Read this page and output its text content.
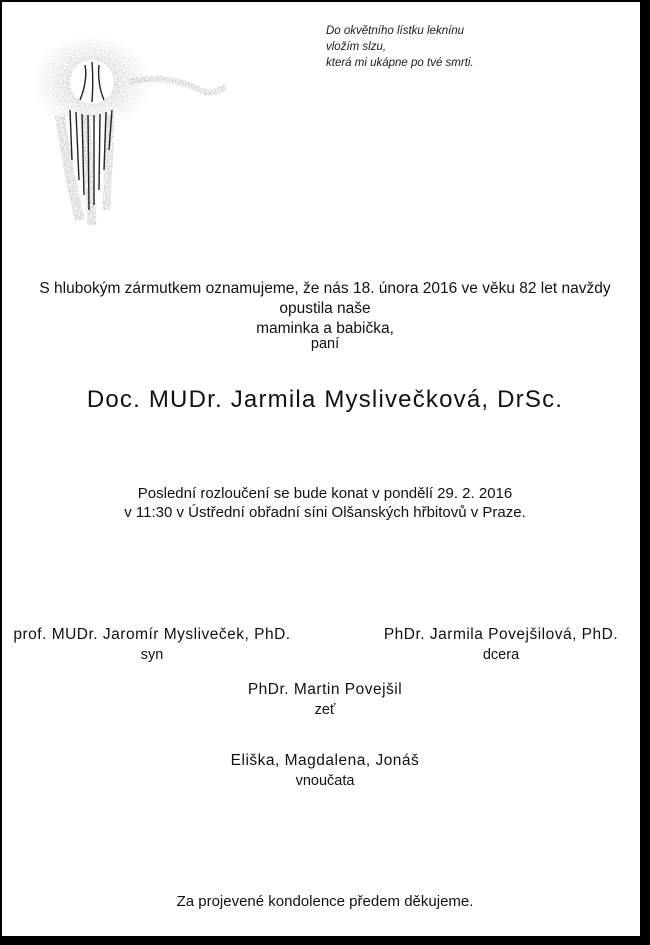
Do okvětního lístku leknínu
vložím slzu,
která mi ukápne po tvé smrti.
S hlubokým zármutkem oznamujeme, že nás 18. února 2016 ve věku 82 let navždy opustila naše
maminka a babička,
paní
Doc. MUDr. Jarmila Myslivečková, DrSc.
Poslední rozloučení se bude konat v pondělí 29. 2. 2016
v 11:30 v Ústřední obřadní síni Olšanských hřbitovů v Praze.
prof. MUDr. Jaromír Mysliveček, PhD.
syn
PhDr. Jarmila Povejšilová, PhD.
dcera
PhDr. Martin Povejšil
zeť
Eliška, Magdalena, Jonáš
vnoučata
Za projevené kondolence předem děkujeme.
